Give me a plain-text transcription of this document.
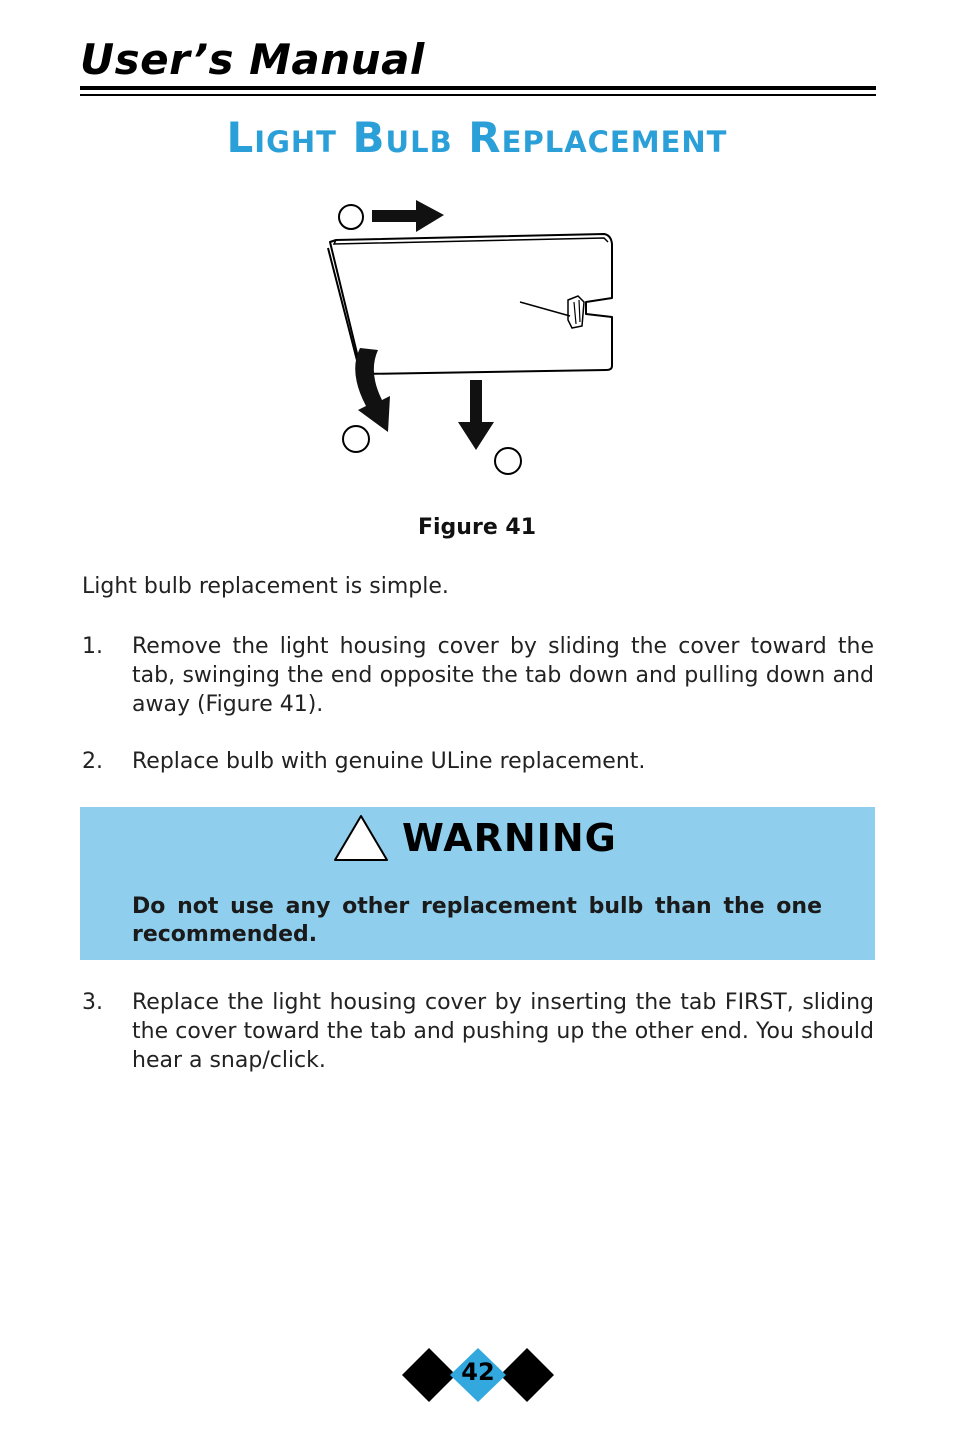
User’s Manual
Light Bulb Replacement
Figure 41
Light bulb replacement is simple.
1.	Remove the light housing cover by sliding the cover toward the tab, swinging the end opposite the tab down and pulling down and away (Figure 41).
2.	Replace bulb with genuine ULine replacement.
WARNING
Do not use any other replacement bulb than the one recommended.
3.	Replace the light housing cover by inserting the tab FIRST, sliding the cover toward the tab and pushing up the other end. You should hear a snap/click.
42
